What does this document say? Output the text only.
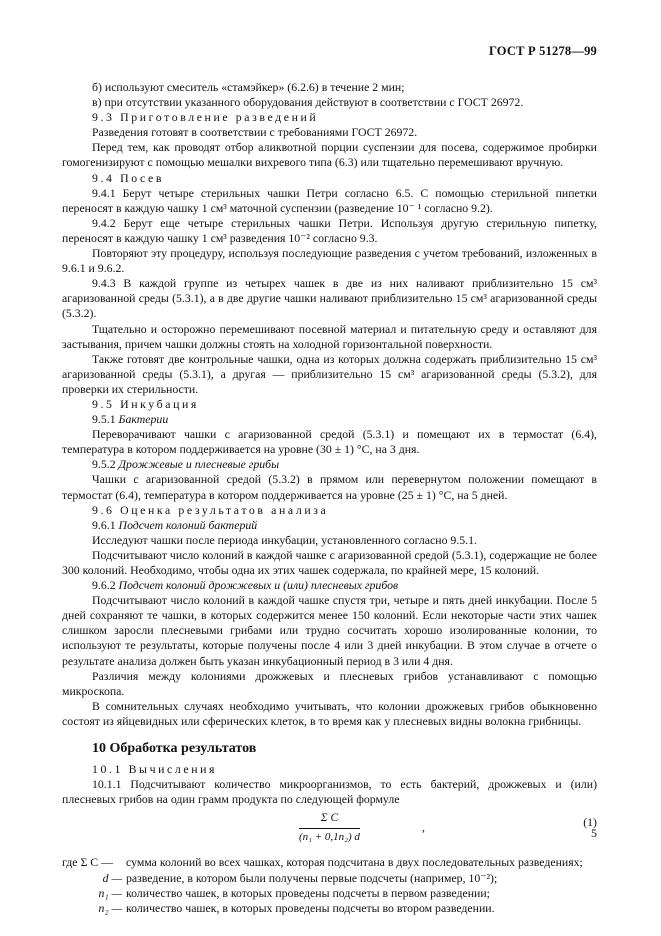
ГОСТ Р 51278—99

б) используют смеситель «стамэйкер» (6.2.6) в течение 2 мин;

в) при отсутствии указанного оборудования действуют в соответствии с ГОСТ 26972.

9.3 Приготовление разведений

Разведения готовят в соответствии с требованиями ГОСТ 26972.

Перед тем, как проводят отбор аликвотной порции суспензии для посева, содержимое пробирки гомогенизируют с помощью мешалки вихревого типа (6.3) или тщательно перемешивают вручную.

9.4 Посев

9.4.1 Берут четыре стерильных чашки Петри согласно 6.5. С помощью стерильной пипетки переносят в каждую чашку 1 см³ маточной суспензии (разведение 10⁻ ¹ согласно 9.2).

9.4.2 Берут еще четыре стерильных чашки Петри. Используя другую стерильную пипетку, переносят в каждую чашку 1 см³ разведения 10⁻² согласно 9.3.

Повторяют эту процедуру, используя последующие разведения с учетом требований, изложенных в 9.6.1 и 9.6.2.

9.4.3 В каждой группе из четырех чашек в две из них наливают приблизительно 15 см³ агаризованной среды (5.3.1), а в две другие чашки наливают приблизительно 15 см³ агаризованной среды (5.3.2).

Тщательно и осторожно перемешивают посевной материал и питательную среду и оставляют для застывания, причем чашки должны стоять на холодной горизонтальной поверхности.

Также готовят две контрольные чашки, одна из которых должна содержать приблизительно 15 см³ агаризованной среды (5.3.1), а другая — приблизительно 15 см³ агаризованной среды (5.3.2), для проверки их стерильности.

9.5 Инкубация

9.5.1 Бактерии

Переворачивают чашки с агаризованной средой (5.3.1) и помещают их в термостат (6.4), температура в котором поддерживается на уровне (30 ± 1) °С, на 3 дня.

9.5.2 Дрожжевые и плесневые грибы

Чашки с агаризованной средой (5.3.2) в прямом или перевернутом положении помещают в термостат (6.4), температура в котором поддерживается на уровне (25 ± 1) °С, на 5 дней.

9.6 Оценка результатов анализа

9.6.1 Подсчет колоний бактерий

Исследуют чашки после периода инкубации, установленного согласно 9.5.1.

Подсчитывают число колоний в каждой чашке с агаризованной средой (5.3.1), содержащие не более 300 колоний. Необходимо, чтобы одна их этих чашек содержала, по крайней мере, 15 колоний.

9.6.2 Подсчет колоний дрожжевых и (или) плесневых грибов

Подсчитывают число колоний в каждой чашке спустя три, четыре и пять дней инкубации. После 5 дней сохраняют те чашки, в которых содержится менее 150 колоний. Если некоторые части этих чашек слишком заросли плесневыми грибами или трудно сосчитать хорошо изолированные колонии, то используют те результаты, которые получены после 4 или 3 дней инкубации. В этом случае в отчете о результате анализа должен быть указан инкубационный период в 3 или 4 дня.

Различия между колониями дрожжевых и плесневых грибов устанавливают с помощью микроскопа.

В сомнительных случаях необходимо учитывать, что колонии дрожжевых грибов обыкновенно состоят из яйцевидных или сферических клеток, в то время как у плесневых видны волокна грибницы.

10 Обработка результатов

10.1 Вычисления

10.1.1 Подсчитывают количество микроорганизмов, то есть бактерий, дрожжевых и (или) плесневых грибов на один грамм продукта по следующей формуле

$\frac{\text{Σ C}}{\text{(n₁ + 0,1n₂) d}}$	,	(1)
где Σ C —	сумма колоний во всех чашках, которая подсчитана в двух последовательных разведениях;
d — разведение, в котором были получены первые подсчеты (например, 10⁻²);
n₁ — количество чашек, в которых проведены подсчеты в первом разведении;
n₂ — количество чашек, в которых проведены подсчеты во втором разведении.
5
